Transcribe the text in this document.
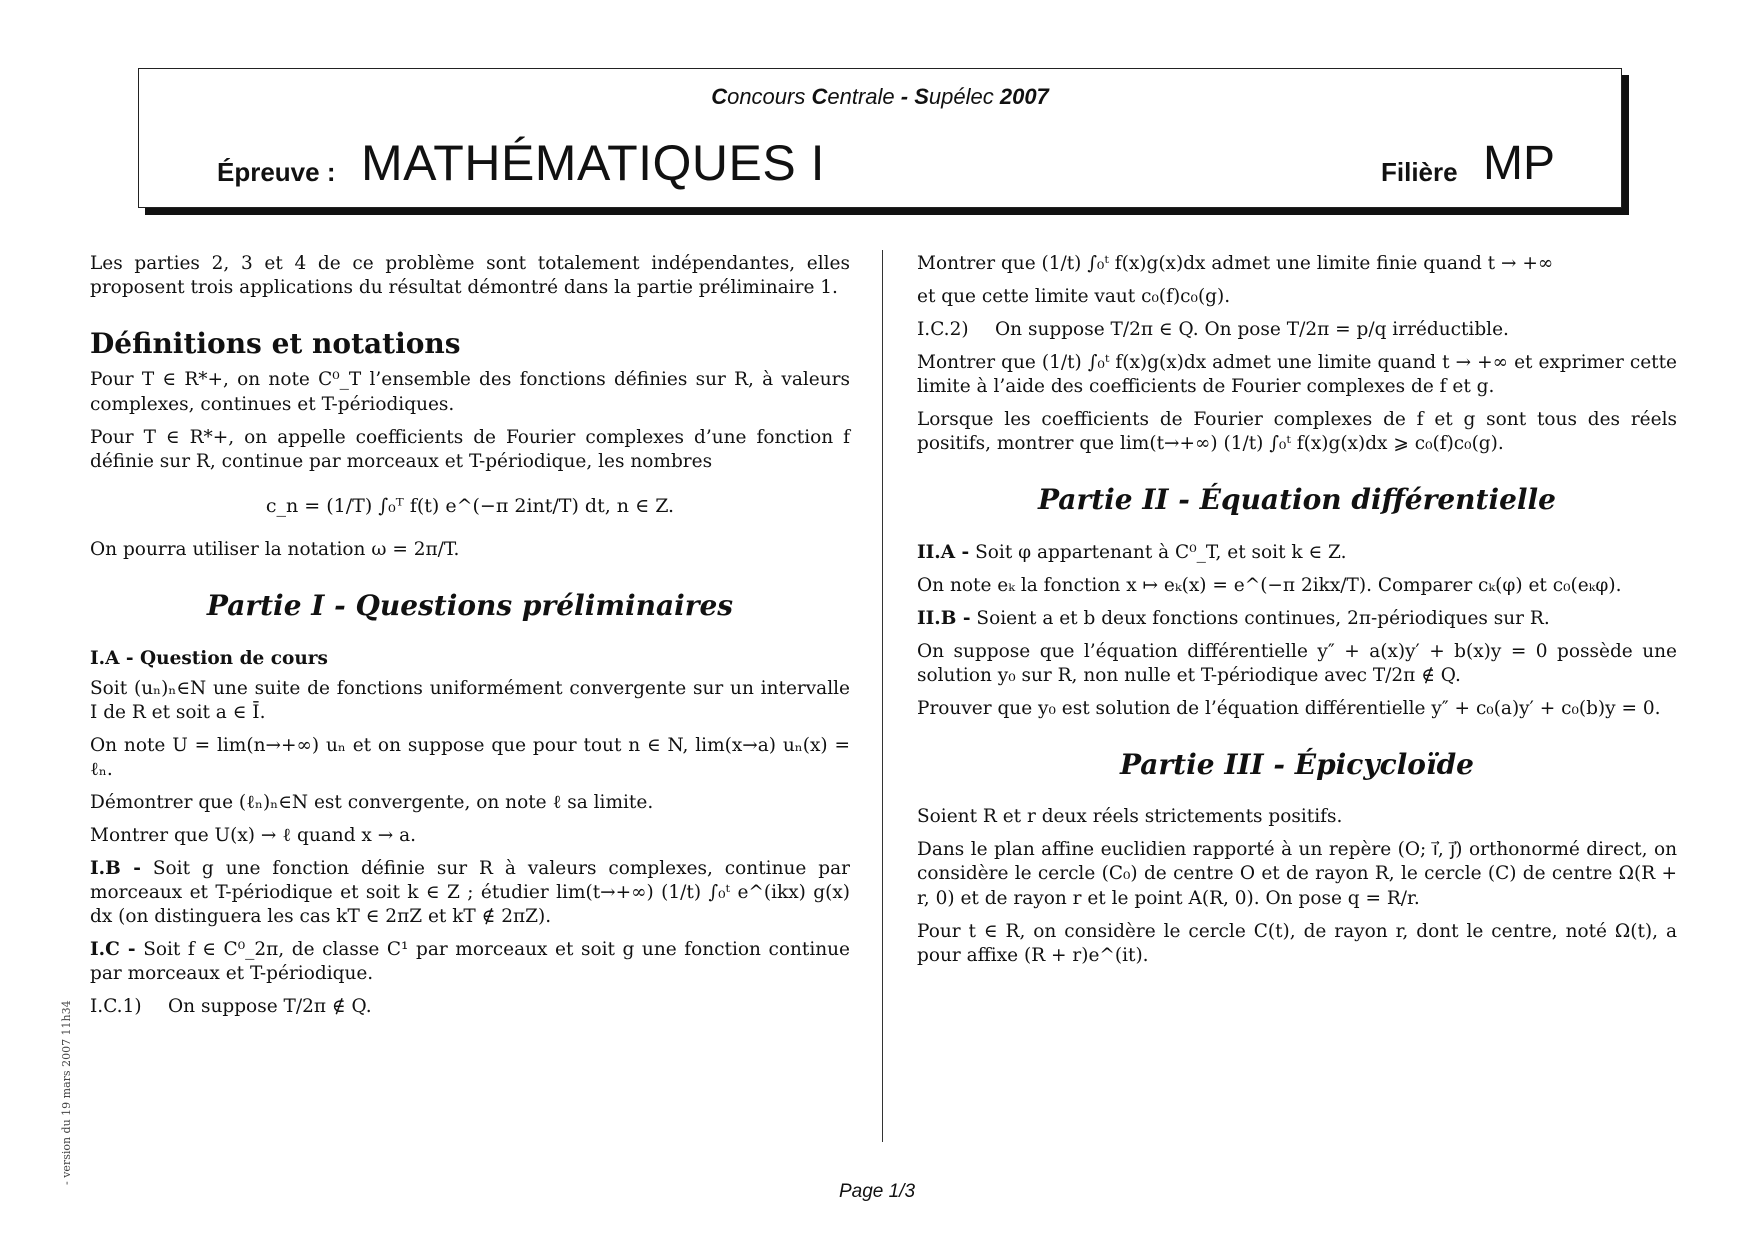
Concours Centrale - Supélec 2007
Épreuve : MATHÉMATIQUES I	Filière MP

Les parties 2, 3 et 4 de ce problème sont totalement indépendantes, elles proposent trois applications du résultat démontré dans la partie préliminaire 1.

Définitions et notations

Pour T ∈ R*+, on note C⁰_T l’ensemble des fonctions définies sur R, à valeurs complexes, continues et T-périodiques.

Pour T ∈ R*+, on appelle coefficients de Fourier complexes d’une fonction f définie sur R, continue par morceaux et T-périodique, les nombres

c_n = (1/T) ∫₀ᵀ f(t) e^(−π 2int/T) dt, n ∈ Z.

On pourra utiliser la notation ω = 2π/T.

Partie I - Questions préliminaires
I.A - Question de cours

Soit (uₙ)ₙ∈N une suite de fonctions uniformément convergente sur un intervalle I de R et soit a ∈ Ī.

On note U = lim(n→+∞) uₙ et on suppose que pour tout n ∈ N, lim(x→a) uₙ(x) = ℓₙ.

Démontrer que (ℓₙ)ₙ∈N est convergente, on note ℓ sa limite.

Montrer que U(x) → ℓ quand x → a.

I.B - Soit g une fonction définie sur R à valeurs complexes, continue par morceaux et T-périodique et soit k ∈ Z ; étudier lim(t→+∞) (1/t) ∫₀ᵗ e^(ikx) g(x) dx (on distinguera les cas kT ∈ 2πZ et kT ∉ 2πZ).

I.C - Soit f ∈ C⁰_2π, de classe C¹ par morceaux et soit g une fonction continue par morceaux et T-périodique.

I.C.1) On suppose T/2π ∉ Q.

Montrer que (1/t) ∫₀ᵗ f(x)g(x)dx admet une limite finie quand t → +∞

et que cette limite vaut c₀(f)c₀(g).

I.C.2) On suppose T/2π ∈ Q. On pose T/2π = p/q irréductible.

Montrer que (1/t) ∫₀ᵗ f(x)g(x)dx admet une limite quand t → +∞ et exprimer cette limite à l’aide des coefficients de Fourier complexes de f et g.

Lorsque les coefficients de Fourier complexes de f et g sont tous des réels positifs, montrer que lim(t→+∞) (1/t) ∫₀ᵗ f(x)g(x)dx ⩾ c₀(f)c₀(g).

Partie II - Équation différentielle

II.A - Soit φ appartenant à C⁰_T, et soit k ∈ Z.

On note eₖ la fonction x ↦ eₖ(x) = e^(−π 2ikx/T). Comparer cₖ(φ) et c₀(eₖφ).

II.B - Soient a et b deux fonctions continues, 2π-périodiques sur R.

On suppose que l’équation différentielle y″ + a(x)y′ + b(x)y = 0 possède une solution y₀ sur R, non nulle et T-périodique avec T/2π ∉ Q.

Prouver que y₀ est solution de l’équation différentielle y″ + c₀(a)y′ + c₀(b)y = 0.

Partie III - Épicycloïde

Soient R et r deux réels strictements positifs.

Dans le plan affine euclidien rapporté à un repère (O; i⃗, j⃗) orthonormé direct, on considère le cercle (C₀) de centre O et de rayon R, le cercle (C) de centre Ω(R + r, 0) et de rayon r et le point A(R, 0). On pose q = R/r.

Pour t ∈ R, on considère le cercle C(t), de rayon r, dont le centre, noté Ω(t), a pour affixe (R + r)e^(it).

- version du 19 mars 2007 11h34
Page 1/3
